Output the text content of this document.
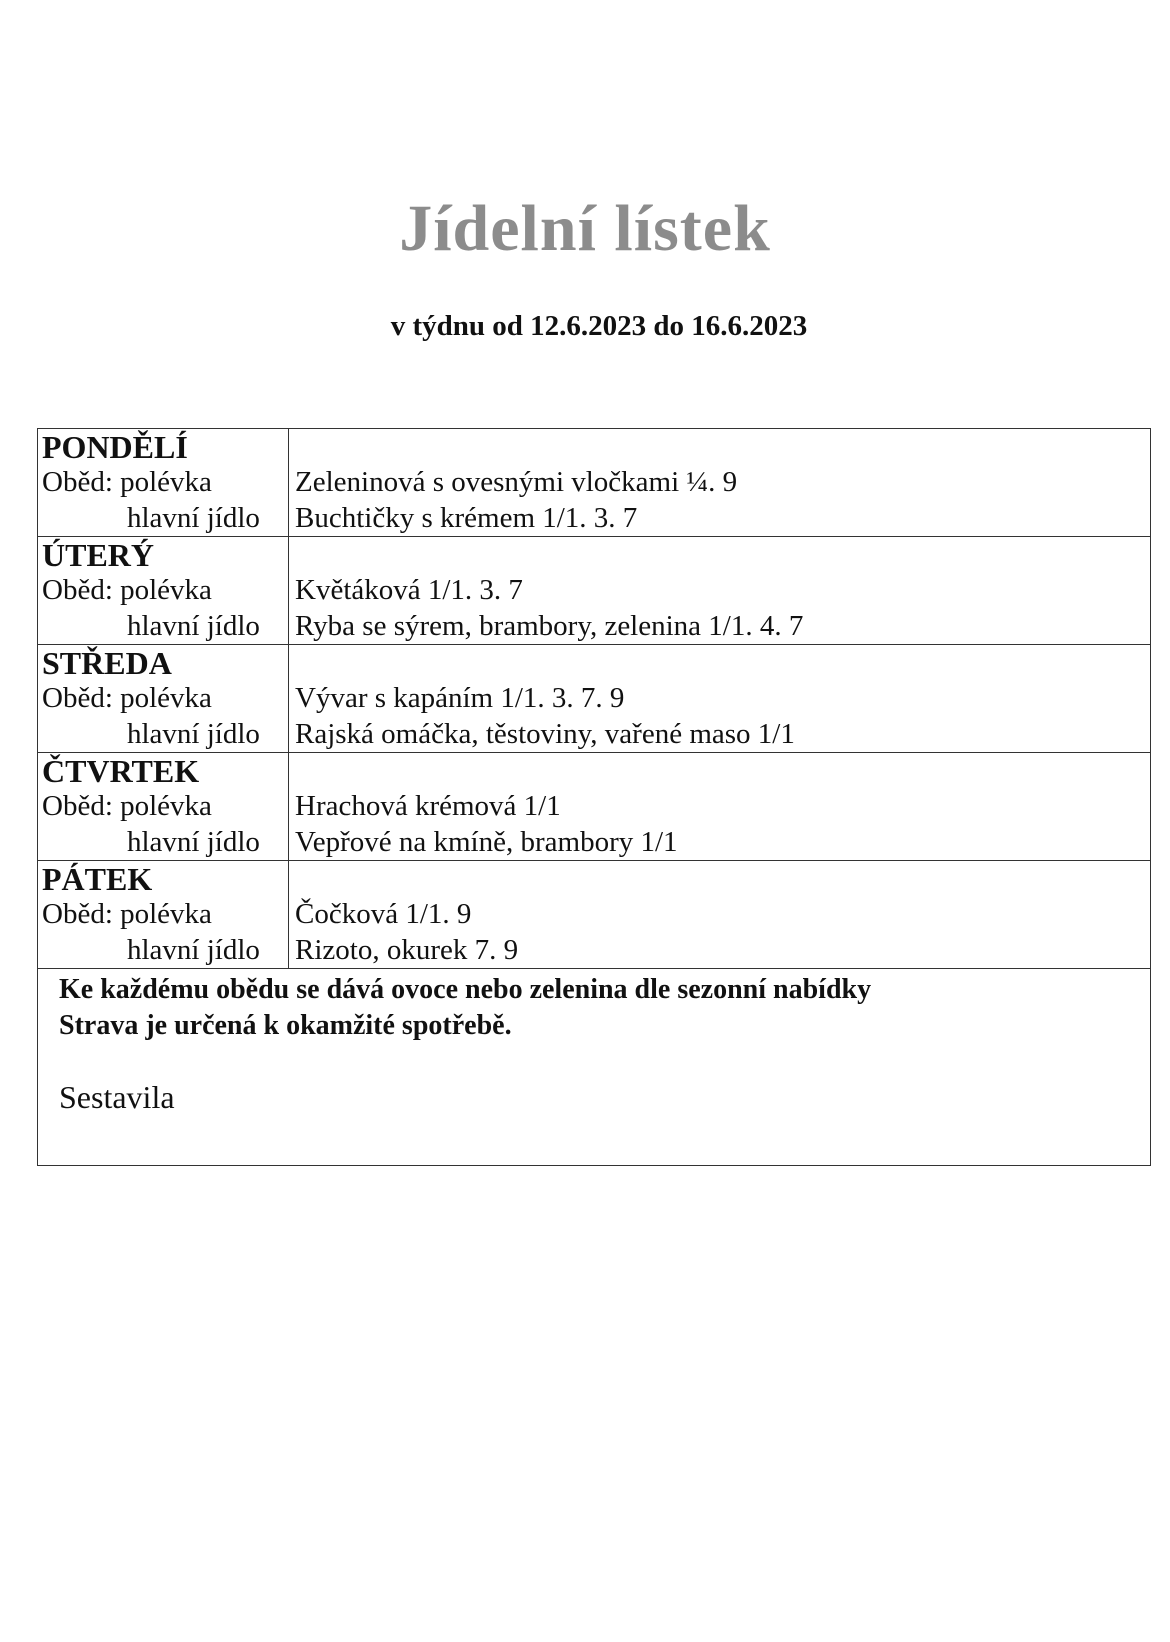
Jídelní lístek
v týdnu od 12.6.2023 do 16.6.2023
PONDĚLÍ
Oběd: polévka
hlavní jídlo
Zeleninová s ovesnými vločkami ¼. 9
Buchtičky s krémem 1/1. 3. 7
ÚTERÝ
Oběd: polévka
hlavní jídlo
Květáková 1/1. 3. 7
Ryba se sýrem, brambory, zelenina 1/1. 4. 7
STŘEDA
Oběd: polévka
hlavní jídlo
Vývar s kapáním 1/1. 3. 7. 9
Rajská omáčka, těstoviny, vařené maso 1/1
ČTVRTEK
Oběd: polévka
hlavní jídlo
Hrachová krémová 1/1
Vepřové na kmíně, brambory 1/1
PÁTEK
Oběd: polévka
hlavní jídlo
Čočková 1/1. 9
Rizoto, okurek 7. 9
Ke každému obědu se dává ovoce nebo zelenina dle sezonní nabídky
Strava je určená k okamžité spotřebě.
Sestavila
